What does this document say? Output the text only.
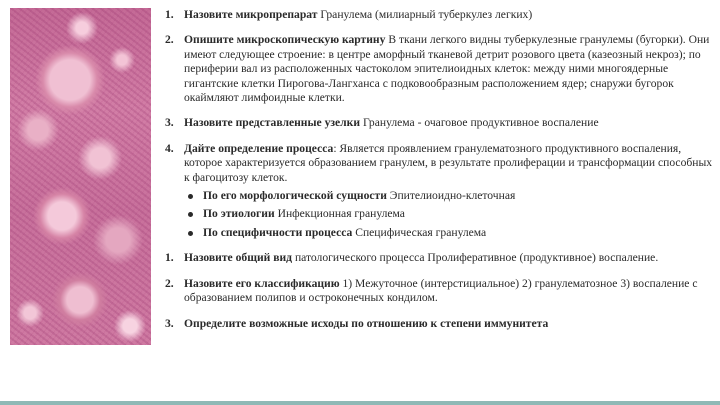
1. Назовите микропрепарат Гранулема (милиарный туберкулез легких)
2. Опишите микроскопическую картину В ткани легкого видны туберкулезные гранулемы (бугорки). Они имеют следующее строение: в центре аморфный тканевой детрит розового цвета (казеозный некроз); по периферии вал из расположенных частоколом эпителиоидных клеток: между ними многоядерные гигантские клетки Пирогова-Лангханса с подковообразным расположением ядер; снаружи бугорок окаймляют лимфоидные клетки.
3. Назовите представленные узелки Гранулема - очаговое продуктивное воспаление
4. Дайте определение процесса: Является проявлением гранулематозного продуктивного воспаления, которое характеризуется образованием гранулем, в результате пролиферации и трансформации способных к фагоцитозу клеток.
По его морфологической сущности Эпителиоидно-клеточная
По этиологии Инфекционная гранулема
По специфичности процесса Специфическая гранулема
1. Назовите общий вид патологического процесса Пролиферативное (продуктивное) воспаление.
2. Назовите его классификацию 1) Межуточное (интерстициальное) 2) гранулематозное 3) воспаление с образованием полипов и остроконечных кондилом.
3. Определите возможные исходы по отношению к степени иммунитета
